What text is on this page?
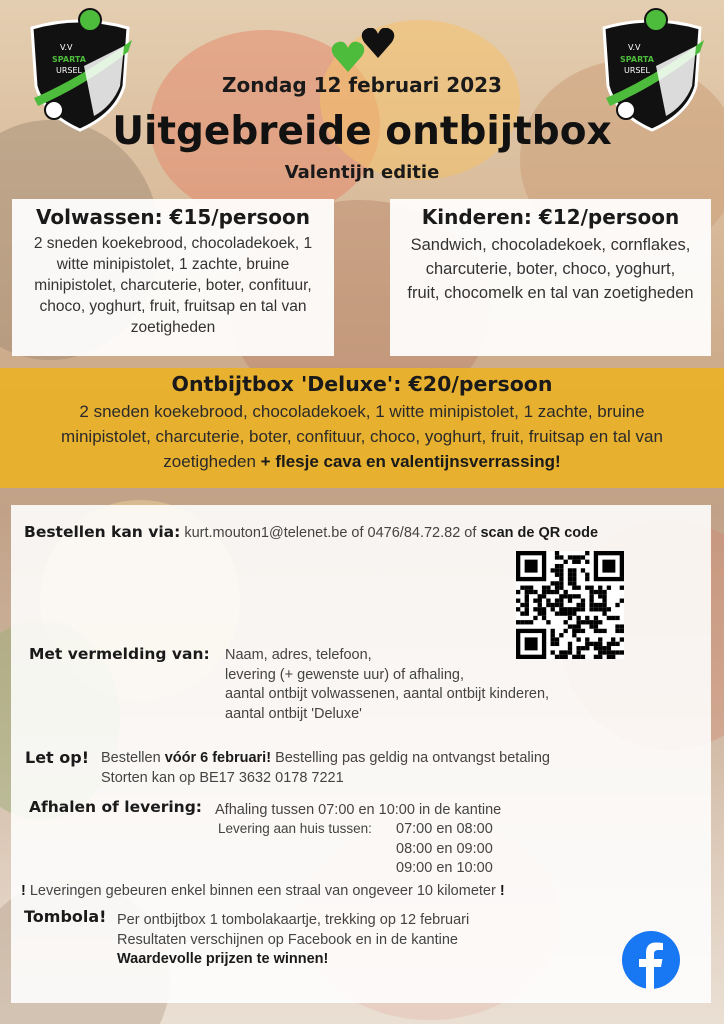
V.V
SPARTA
URSEL
V.V
SPARTA
URSEL
Zondag 12 februari 2023
Uitgebreide ontbijtbox
Valentijn editie
Volwassen: €15/persoon
2 sneden koekebrood, chocoladekoek, 1
witte minipistolet, 1 zachte, bruine
minipistolet, charcuterie, boter, confituur,
choco, yoghurt, fruit, fruitsap en tal van
zoetigheden
Kinderen: €12/persoon
Sandwich, chocoladekoek, cornflakes,
charcuterie, boter, choco, yoghurt,
fruit, chocomelk en tal van zoetigheden
Ontbijtbox 'Deluxe': €20/persoon
2 sneden koekebrood, chocoladekoek, 1 witte minipistolet, 1 zachte, bruine
minipistolet, charcuterie, boter, confituur, choco, yoghurt, fruit, fruitsap en tal van
zoetigheden + flesje cava en valentijnsverrassing!
Bestellen kan via: kurt.mouton1@telenet.be of 0476/84.72.82 of scan de QR code
Met vermelding van: Naam, adres, telefoon,
levering (+ gewenste uur) of afhaling,
aantal ontbijt volwassenen, aantal ontbijt kinderen,
aantal ontbijt 'Deluxe'
Let op! Bestellen vóór 6 februari! Bestelling pas geldig na ontvangst betaling
Storten kan op BE17 3632 0178 7221
Afhalen of levering: Afhaling tussen 07:00 en 10:00 in de kantine
Levering aan huis tussen: 07:00 en 08:00
08:00 en 09:00
09:00 en 10:00
! Leveringen gebeuren enkel binnen een straal van ongeveer 10 kilometer !
Tombola! Per ontbijtbox 1 tombolakaartje, trekking op 12 februari
Resultaten verschijnen op Facebook en in de kantine
Waardevolle prijzen te winnen!
